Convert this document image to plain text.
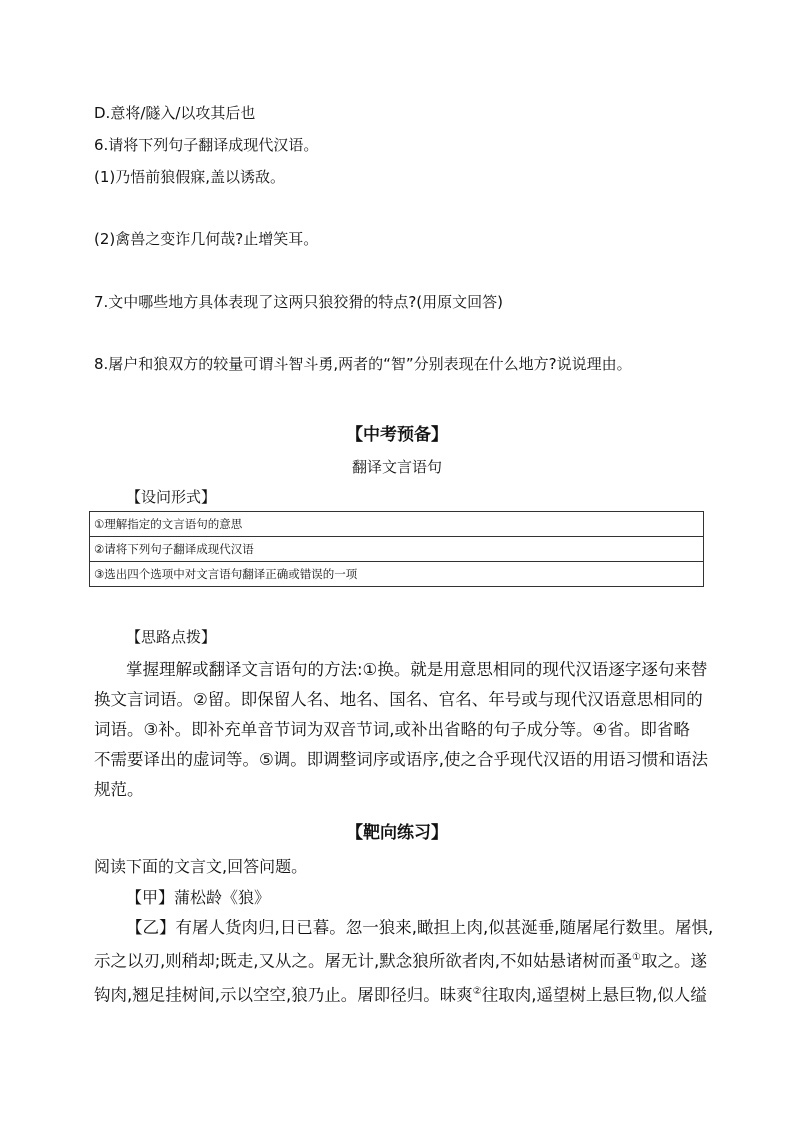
D.意将/隧入/以攻其后也
6.请将下列句子翻译成现代汉语。
(1)乃悟前狼假寐,盖以诱敌。
(2)禽兽之变诈几何哉?止增笑耳。
7.文中哪些地方具体表现了这两只狼狡猾的特点?(用原文回答)
8.屠户和狼双方的较量可谓斗智斗勇,两者的“智”分别表现在什么地方?说说理由。
【中考预备】
翻译文言语句
【设问形式】
①理解指定的文言语句的意思
②请将下列句子翻译成现代汉语
③选出四个选项中对文言语句翻译正确或错误的一项
【思路点拨】

掌握理解或翻译文言语句的方法:①换。就是用意思相同的现代汉语逐字逐句来替

换文言词语。②留。即保留人名、地名、国名、官名、年号或与现代汉语意思相同的

词语。③补。即补充单音节词为双音节词,或补出省略的句子成分等。④省。即省略

不需要译出的虚词等。⑤调。即调整词序或语序,使之合乎现代汉语的用语习惯和语法

规范。

【靶向练习】
阅读下面的文言文,回答问题。
【甲】蒲松龄《狼》

【乙】有屠人货肉归,日已暮。忽一狼来,瞰担上肉,似甚涎垂,随屠尾行数里。屠惧,

示之以刃,则稍却;既走,又从之。屠无计,默念狼所欲者肉,不如姑悬诸树而蚤①取之。遂

钩肉,翘足挂树间,示以空空,狼乃止。屠即径归。昧爽②往取肉,遥望树上悬巨物,似人缢
